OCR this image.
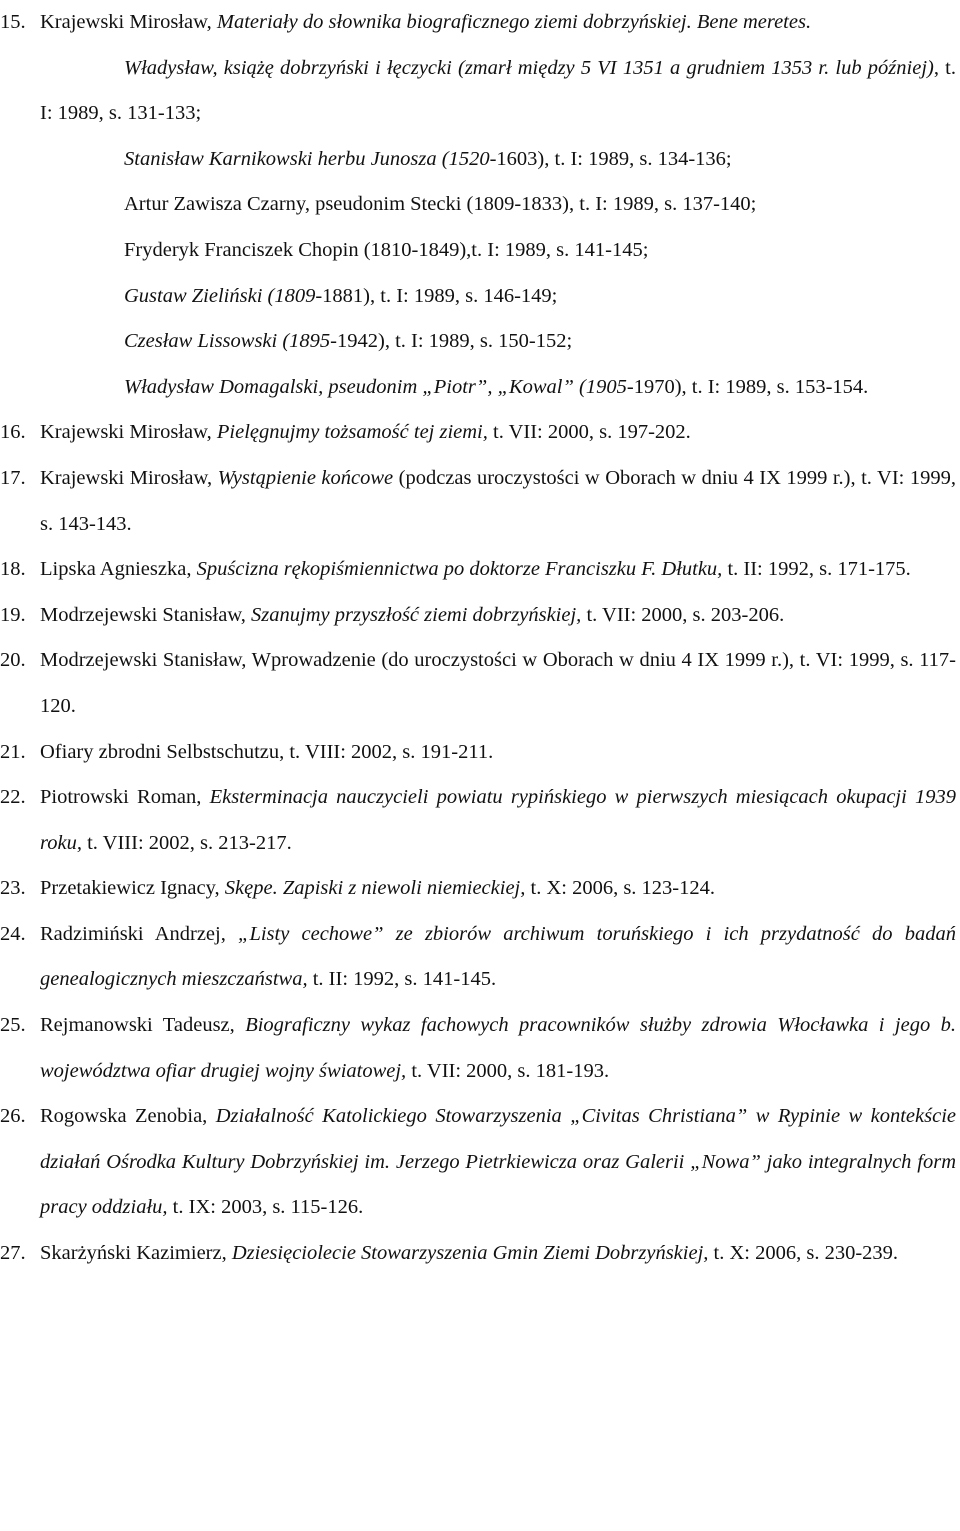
15. Krajewski Mirosław, Materiały do słownika biograficznego ziemi dobrzyńskiej. Bene meretes.

Władysław, książę dobrzyński i łęczycki (zmarł między 5 VI 1351 a grudniem 1353 r. lub później), t. I: 1989, s. 131-133;

Stanisław Karnikowski herbu Junosza (1520-1603), t. I: 1989, s. 134-136;

Artur Zawisza Czarny, pseudonim Stecki (1809-1833), t. I: 1989, s. 137-140;

Fryderyk Franciszek Chopin (1810-1849),t. I: 1989, s. 141-145;

Gustaw Zieliński (1809-1881), t. I: 1989, s. 146-149;

Czesław Lissowski (1895-1942), t. I: 1989, s. 150-152;

Władysław Domagalski, pseudonim „Piotr”, „Kowal” (1905-1970), t. I: 1989, s. 153-154.

16. Krajewski Mirosław, Pielęgnujmy tożsamość tej ziemi, t. VII: 2000, s. 197-202.

17. Krajewski Mirosław, Wystąpienie końcowe (podczas uroczystości w Oborach w dniu 4 IX 1999 r.), t. VI: 1999, s. 143-143.

18. Lipska Agnieszka, Spuścizna rękopiśmiennictwa po doktorze Franciszku F. Dłutku, t. II: 1992, s. 171-175.

19. Modrzejewski Stanisław, Szanujmy przyszłość ziemi dobrzyńskiej, t. VII: 2000, s. 203-206.

20. Modrzejewski Stanisław, Wprowadzenie (do uroczystości w Oborach w dniu 4 IX 1999 r.), t. VI: 1999, s. 117-120.

21. Ofiary zbrodni Selbstschutzu, t. VIII: 2002, s. 191-211.

22. Piotrowski Roman, Eksterminacja nauczycieli powiatu rypińskiego w pierwszych miesiącach okupacji 1939 roku, t. VIII: 2002, s. 213-217.

23. Przetakiewicz Ignacy, Skępe. Zapiski z niewoli niemieckiej, t. X: 2006, s. 123-124.

24. Radzimiński Andrzej, „Listy cechowe” ze zbiorów archiwum toruńskiego i ich przydatność do badań genealogicznych mieszczaństwa, t. II: 1992, s. 141-145.

25. Rejmanowski Tadeusz, Biograficzny wykaz fachowych pracowników służby zdrowia Włocławka i jego b. województwa ofiar drugiej wojny światowej, t. VII: 2000, s. 181-193.

26. Rogowska Zenobia, Działalność Katolickiego Stowarzyszenia „Civitas Christiana” w Rypinie w kontekście działań Ośrodka Kultury Dobrzyńskiej im. Jerzego Pietrkiewicza oraz Galerii „Nowa” jako integralnych form pracy oddziału, t. IX: 2003, s. 115-126.

27. Skarżyński Kazimierz, Dziesięciolecie Stowarzyszenia Gmin Ziemi Dobrzyńskiej, t. X: 2006, s. 230-239.
